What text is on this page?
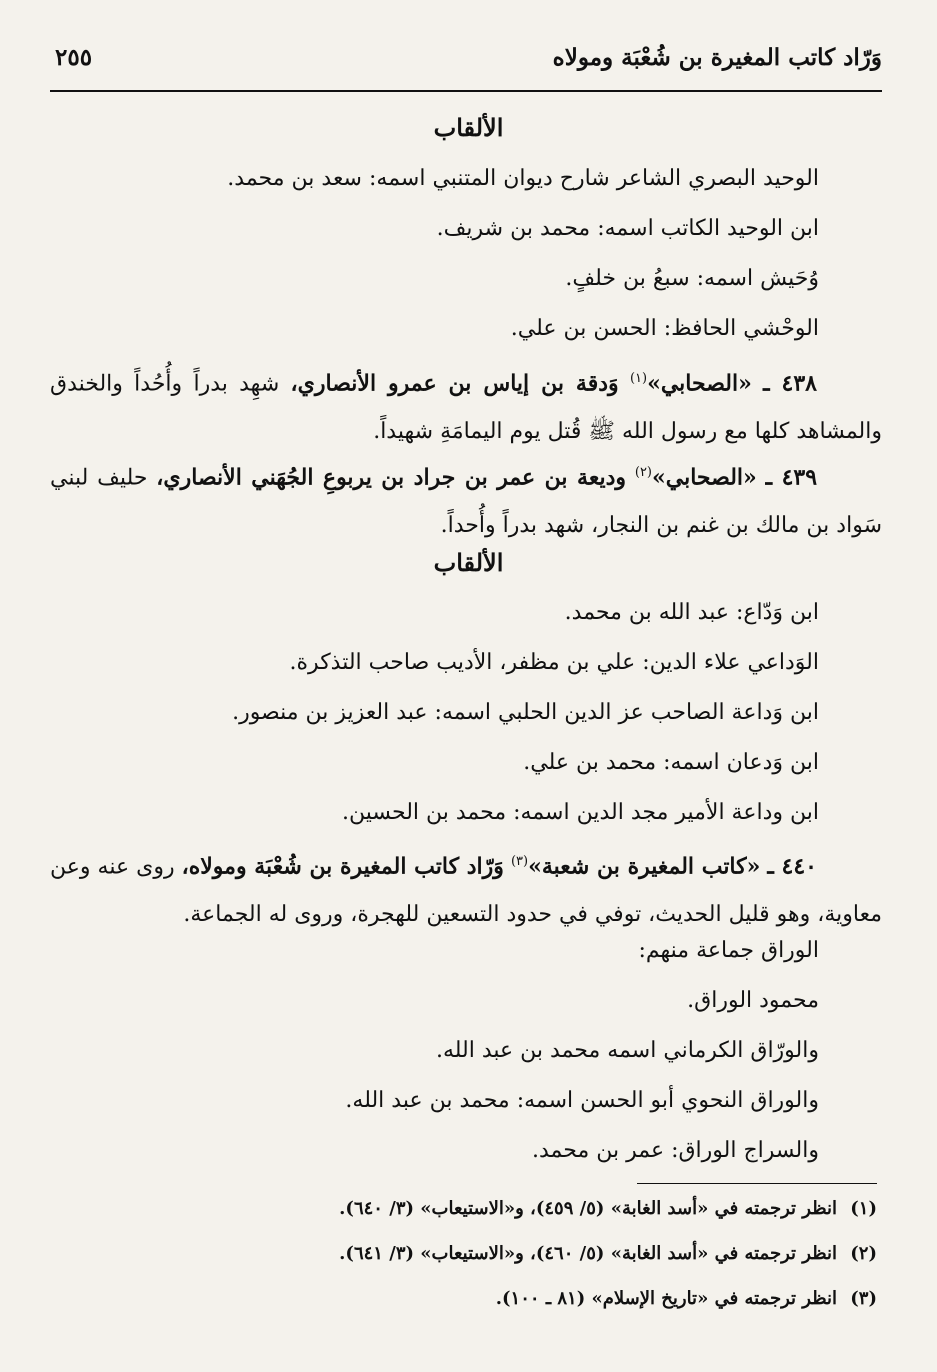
وَرّاد كاتب المغيرة بن شُعْبَة ومولاه
٢٥٥
الألقاب
الوحيد البصري الشاعر شارح ديوان المتنبي اسمه: سعد بن محمد.
ابن الوحيد الكاتب اسمه: محمد بن شريف.
وُحَيش اسمه: سبعُ بن خلفٍ.
الوحْشي الحافظ: الحسن بن علي.
٤٣٨ ـ «الصحابي»$^{(١)}$ وَدقة بن إياس بن عمرو الأنصاري، شهِد بدراً وأُحُداً والخندق والمشاهد كلها مع رسول الله ﷺ قُتل يوم اليمامَةِ شهيداً.
٤٣٩ ـ «الصحابي»$^{(٢)}$ وديعة بن عمر بن جراد بن يربوعِ الجُهَني الأنصاري، حليف لبني سَواد بن مالك بن غنم بن النجار، شهد بدراً وأُحداً.
الألقاب
ابن وَدّاع: عبد الله بن محمد.
الوَداعي علاء الدين: علي بن مظفر، الأديب صاحب التذكرة.
ابن وَداعة الصاحب عز الدين الحلبي اسمه: عبد العزيز بن منصور.
ابن وَدعان اسمه: محمد بن علي.
ابن وداعة الأمير مجد الدين اسمه: محمد بن الحسين.
٤٤٠ ـ «كاتب المغيرة بن شعبة»$^{(٣)}$ وَرّاد كاتب المغيرة بن شُعْبَة ومولاه، روى عنه وعن معاوية، وهو قليل الحديث، توفي في حدود التسعين للهجرة، وروى له الجماعة.
الوراق جماعة منهم:
محمود الوراق.
والورّاق الكرماني اسمه محمد بن عبد الله.
والوراق النحوي أبو الحسن اسمه: محمد بن عبد الله.
والسراج الوراق: عمر بن محمد.
(١)انظر ترجمته في «أسد الغابة» (٥/ ٤٥٩)، و«الاستيعاب» (٣/ ٦٤٠).
(٢)انظر ترجمته في «أسد الغابة» (٥/ ٤٦٠)، و«الاستيعاب» (٣/ ٦٤١).
(٣)انظر ترجمته في «تاريخ الإسلام» (٨١ ـ ١٠٠).
